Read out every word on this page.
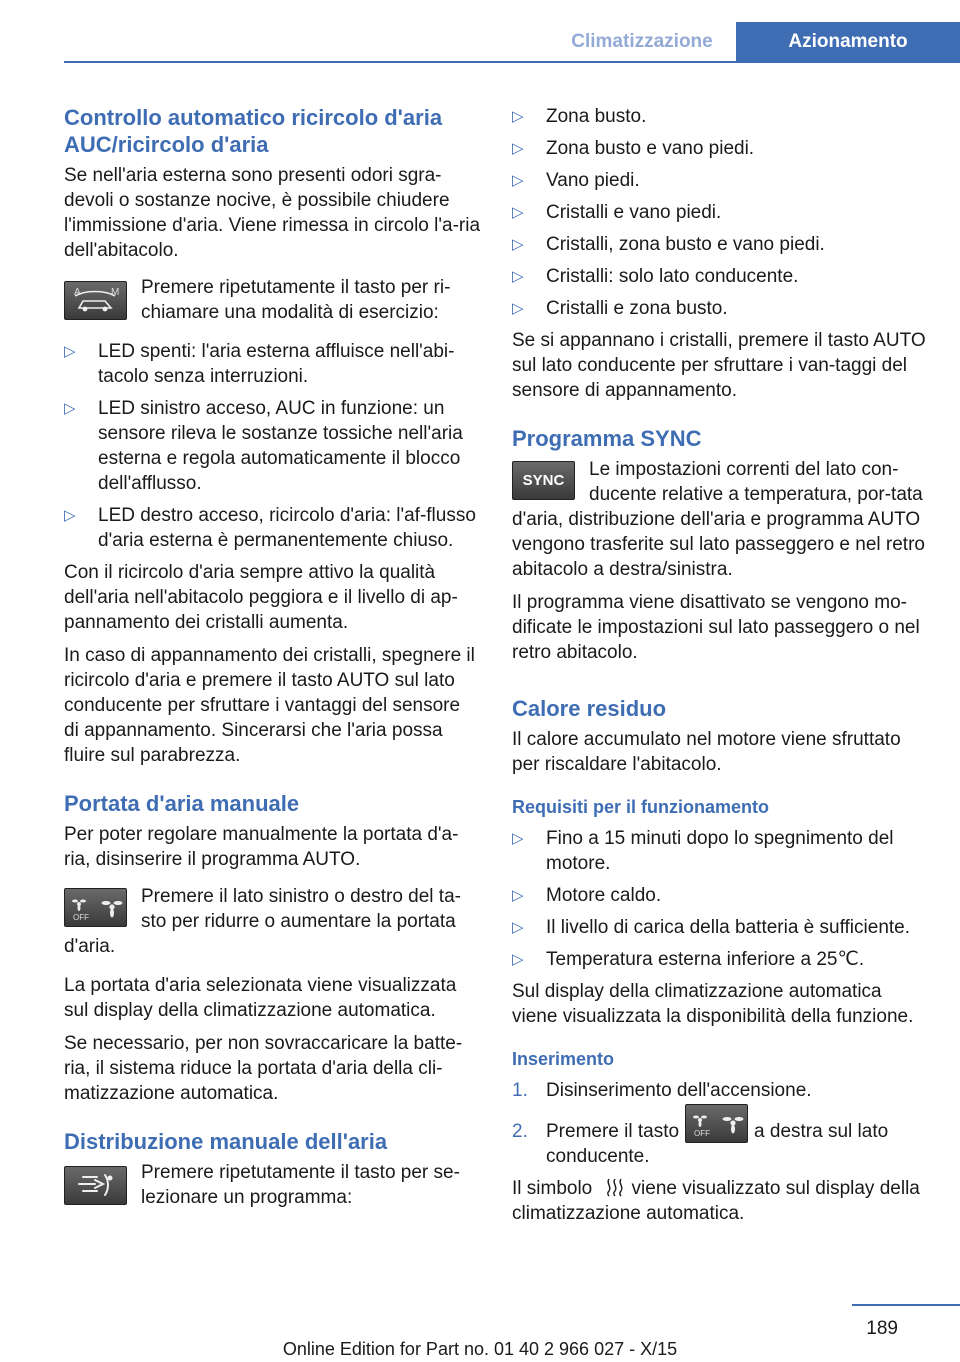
Climatizzazione	Azionamento
Controllo automatico ricircolo d'aria AUC/ricircolo d'aria

Se nell'aria esterna sono presenti odori sgra-devoli o sostanze nocive, è possibile chiudere l'immissione d'aria. Viene rimessa in circolo l'a-ria dell'abitacolo.

A	M Premere ripetutamente il tasto per ri-chiamare una modalità di esercizio:
▷ LED spenti: l'aria esterna affluisce nell'abi-tacolo senza interruzioni.
▷ LED sinistro acceso, AUC in funzione: un sensore rileva le sostanze tossiche nell'aria esterna e regola automaticamente il blocco dell'afflusso.
▷ LED destro acceso, ricircolo d'aria: l'af-flusso d'aria esterna è permanentemente chiuso.

Con il ricircolo d'aria sempre attivo la qualità dell'aria nell'abitacolo peggiora e il livello di ap-pannamento dei cristalli aumenta.

In caso di appannamento dei cristalli, spegnere il ricircolo d'aria e premere il tasto AUTO sul lato conducente per sfruttare i vantaggi del sensore di appannamento. Sincerarsi che l'aria possa fluire sul parabrezza.

Portata d'aria manuale

Per poter regolare manualmente la portata d'a-ria, disinserire il programma AUTO.

OFF

Premere il lato sinistro o destro del ta-sto per ridurre o aumentare la portata d'aria.

La portata d'aria selezionata viene visualizzata sul display della climatizzazione automatica.

Se necessario, per non sovraccaricare la batte-ria, il sistema riduce la portata d'aria della cli-matizzazione automatica.

Distribuzione manuale dell'aria
Premere ripetutamente il tasto per se-lezionare un programma:
▷ Zona busto.
▷ Zona busto e vano piedi.
▷ Vano piedi.
▷ Cristalli e vano piedi.
▷ Cristalli, zona busto e vano piedi.
▷ Cristalli: solo lato conducente.
▷ Cristalli e zona busto.

Se si appannano i cristalli, premere il tasto AUTO sul lato conducente per sfruttare i van-taggi del sensore di appannamento.

Programma SYNC
SYNC

Le impostazioni correnti del lato con-ducente relative a temperatura, por-tata d'aria, distribuzione dell'aria e programma AUTO vengono trasferite sul lato passeggero e nel retro abitacolo a destra/sinistra.

Il programma viene disattivato se vengono mo-dificate le impostazioni sul lato passeggero o nel retro abitacolo.

Calore residuo

Il calore accumulato nel motore viene sfruttato per riscaldare l'abitacolo.

Requisiti per il funzionamento
▷ Fino a 15 minuti dopo lo spegnimento del motore.
▷ Motore caldo.
▷ Il livello di carica della batteria è sufficiente.
▷ Temperatura esterna inferiore a 25℃.

Sul display della climatizzazione automatica viene visualizzata la disponibilità della funzione.

Inserimento
1. Disinserimento dell'accensione.
2. Premere il tasto OFF a destra sul lato conducente.

Il simbolo viene visualizzato sul display della climatizzazione automatica.

189
Online Edition for Part no. 01 40 2 966 027 - X/15
